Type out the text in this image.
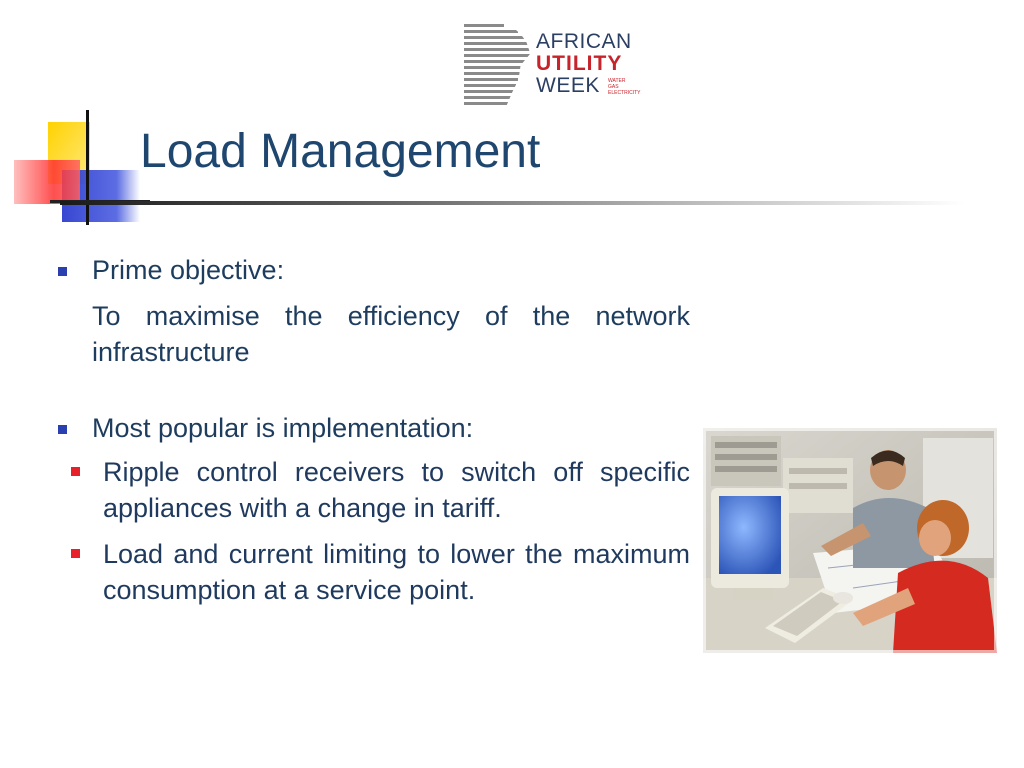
AFRICAN
UTILITY
WEEK	WATER
GAS
ELECTRICITY
Load Management
Prime objective:
To maximise the efficiency of the network infrastructure
Most popular is implementation:
Ripple control receivers to switch off specific appliances with a change in tariff.
Load and current limiting to lower the maximum consumption at a service point.
